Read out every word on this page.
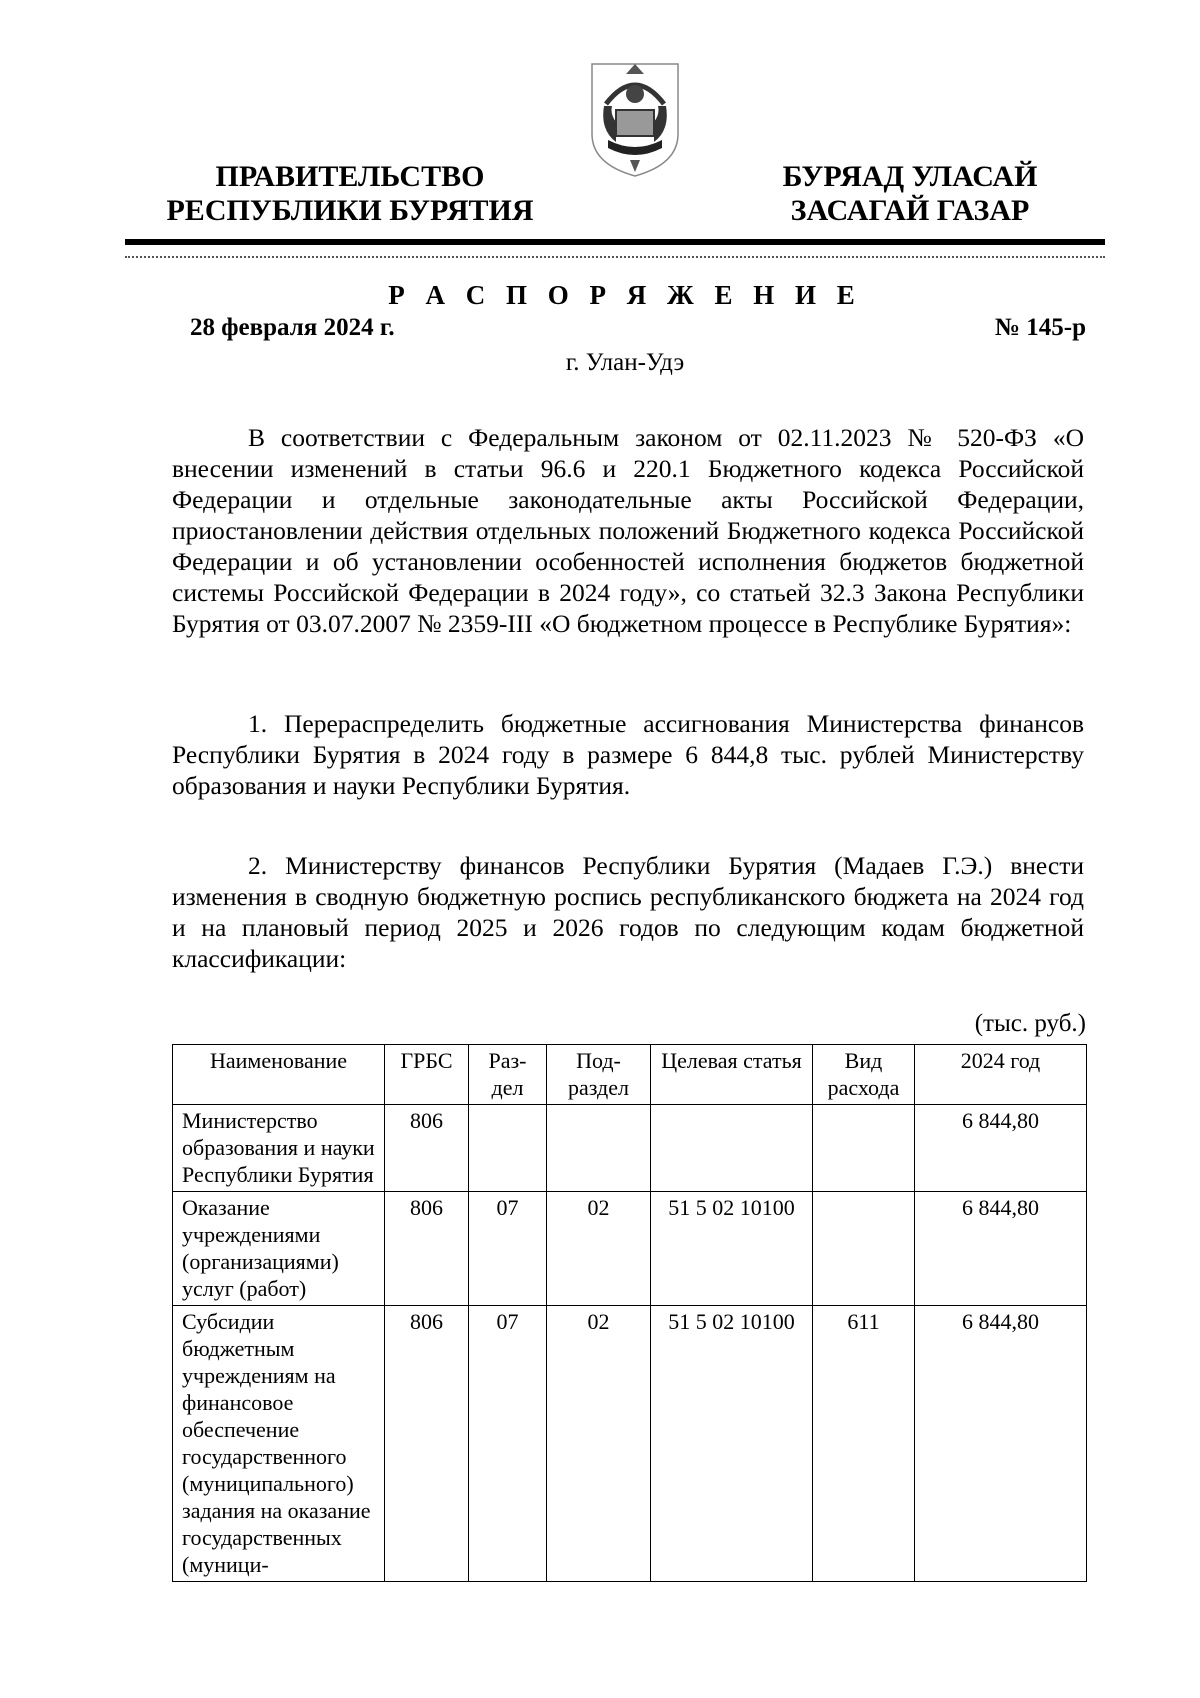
ПРАВИТЕЛЬСТВО
РЕСПУБЛИКИ БУРЯТИЯ
БУРЯАД УЛАСАЙ
ЗАСАГАЙ ГАЗАР
Р А С П О Р Я Ж Е Н И Е
28 февраля 2024 г.	№ 145-р
г. Улан-Удэ

В соответствии с Федеральным законом от 02.11.2023 № 520-ФЗ «О внесении изменений в статьи 96.6 и 220.1 Бюджетного кодекса Российской Федерации и отдельные законодательные акты Российской Федерации, приостановлении действия отдельных положений Бюджетного кодекса Российской Федерации и об установлении особенностей исполнения бюджетов бюджетной системы Российской Федерации в 2024 году», со статьей 32.3 Закона Республики Бурятия от 03.07.2007 № 2359-III «О бюджетном процессе в Республике Бурятия»:

1. Перераспределить бюджетные ассигнования Министерства финансов Республики Бурятия в 2024 году в размере 6 844,8 тыс. рублей Министерству образования и науки Республики Бурятия.

2. Министерству финансов Республики Бурятия (Мадаев Г.Э.) внести изменения в сводную бюджетную роспись республиканского бюджета на 2024 год и на плановый период 2025 и 2026 годов по следующим кодам бюджетной классификации:

(тыс. руб.)
Наименование	ГРБС	Раз-дел	Под-раздел	Целевая статья	Вид расхода	2024 год
Министерство образования и науки Республики Бурятия	806					6 844,80
Оказание учреждениями (организациями) услуг (работ)	806	07	02	51 5 02 10100		6 844,80
Субсидии бюджетным учреждениям на финансовое обеспечение государственного (муниципального) задания на оказание государственных (муници-	806	07	02	51 5 02 10100	611	6 844,80
